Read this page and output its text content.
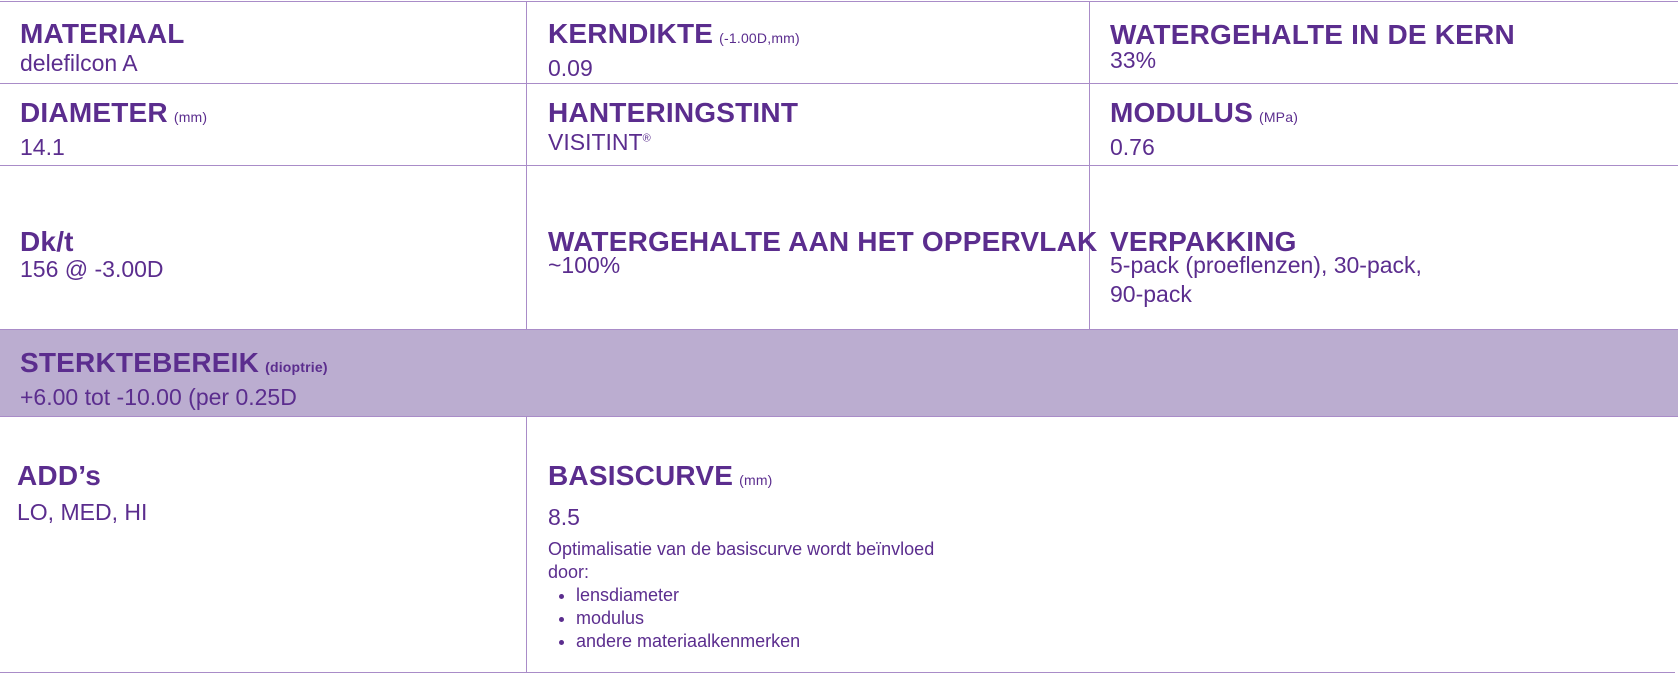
MATERIAAL
delefilcon A
KERNDIKTE (-1.00D,mm)
0.09
WATERGEHALTE IN DE KERN
33%
DIAMETER (mm)
14.1
HANTERINGSTINT
VISITINT®
MODULUS (MPa)
0.76
Dk/t
156 @ -3.00D
WATERGEHALTE AAN HET OPPERVLAK
~100%
VERPAKKING
5-pack (proeflenzen), 30-pack,
90-pack
STERKTEBEREIK (dioptrie)
+6.00 tot -10.00 (per 0.25D
ADD’s
LO, MED, HI
BASISCURVE (mm)
8.5
Optimalisatie van de basiscurve wordt beïnvloed
door:
• lensdiameter
• modulus
• andere materiaalkenmerken
